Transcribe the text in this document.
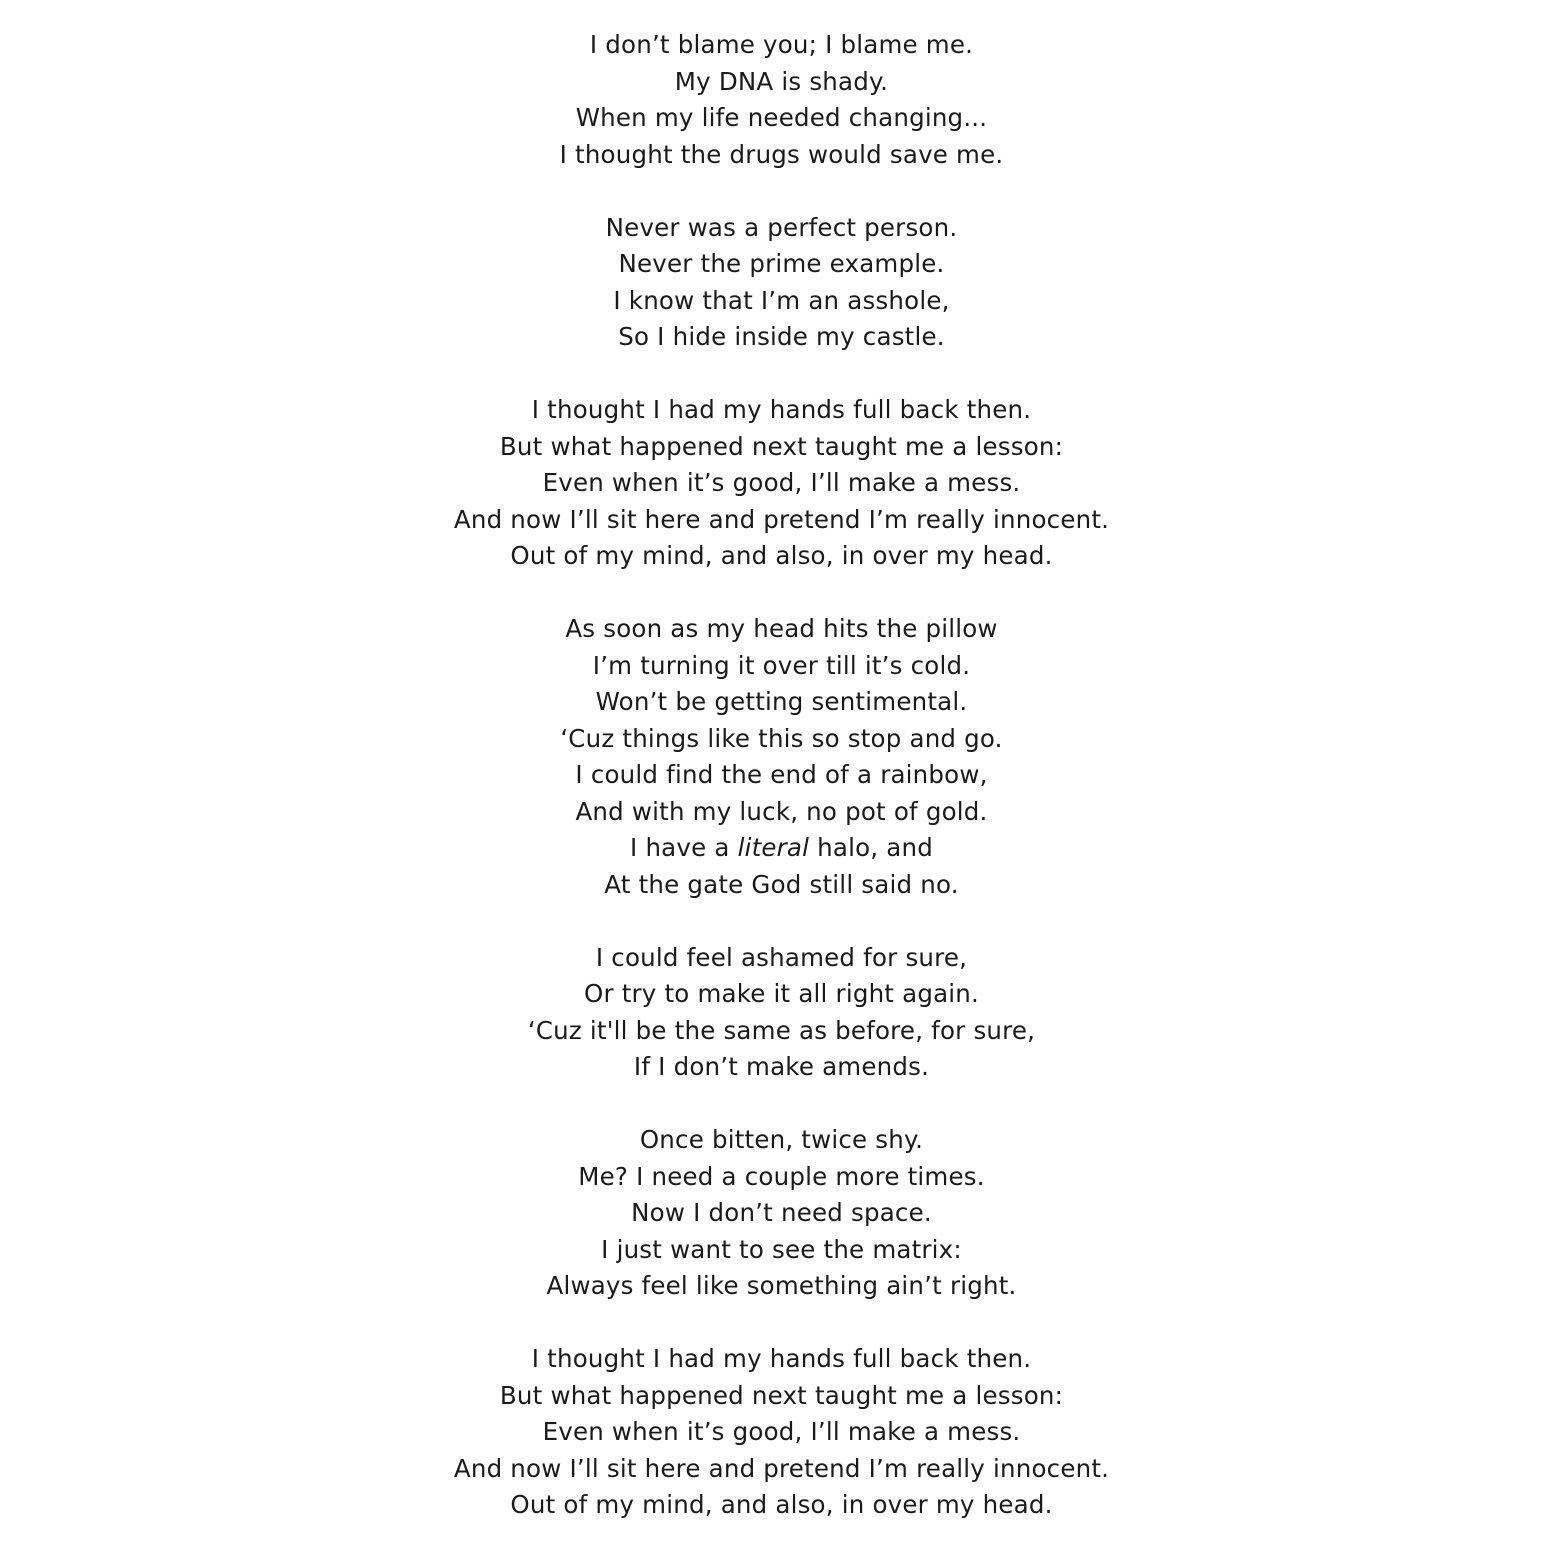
I don’t blame you; I blame me.
My DNA is shady.
When my life needed changing...
I thought the drugs would save me.
Never was a perfect person.
Never the prime example.
I know that I’m an asshole,
So I hide inside my castle.
I thought I had my hands full back then.
But what happened next taught me a lesson:
Even when it’s good, I’ll make a mess.
And now I’ll sit here and pretend I’m really innocent.
Out of my mind, and also, in over my head.
As soon as my head hits the pillow
I’m turning it over till it’s cold.
Won’t be getting sentimental.
‘Cuz things like this so stop and go.
I could find the end of a rainbow,
And with my luck, no pot of gold.
I have a literal halo, and
At the gate God still said no.
I could feel ashamed for sure,
Or try to make it all right again.
‘Cuz it'll be the same as before, for sure,
If I don’t make amends.
Once bitten, twice shy.
Me? I need a couple more times.
Now I don’t need space.
I just want to see the matrix:
Always feel like something ain’t right.
I thought I had my hands full back then.
But what happened next taught me a lesson:
Even when it’s good, I’ll make a mess.
And now I’ll sit here and pretend I’m really innocent.
Out of my mind, and also, in over my head.
